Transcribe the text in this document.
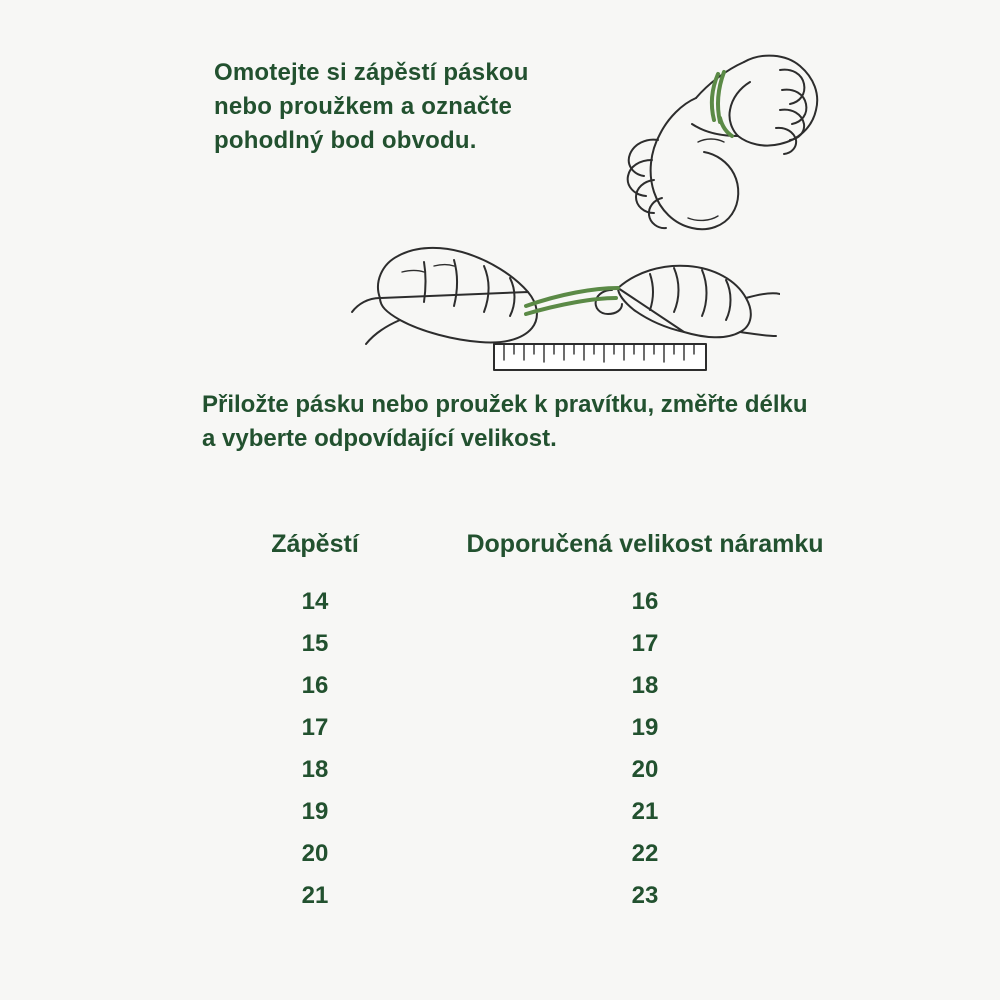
Omotejte si zápěstí páskou nebo proužkem a označte pohodlný bod obvodu.
Přiložte pásku nebo proužek k pravítku, změřte délku a vyberte odpovídající velikost.
Zápěstí	Doporučená velikost náramku
14	16
15	17
16	18
17	19
18	20
19	21
20	22
21	23
